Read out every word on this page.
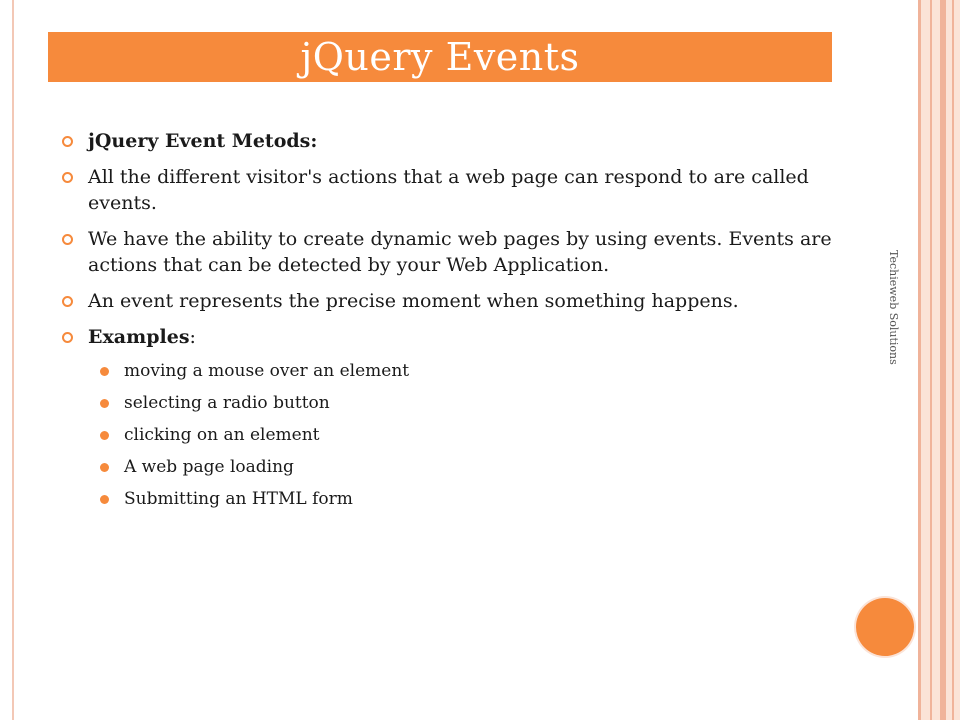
jQuery Events
jQuery Event Metods:
All the different visitor's actions that a web page can respond to are called events.
We have the ability to create dynamic web pages by using events. Events are actions that can be detected by your Web Application.
An event represents the precise moment when something happens.
Examples:
moving a mouse over an element
selecting a radio button
clicking on an element
A web page loading
Submitting an HTML form
Techieweb Solutions
